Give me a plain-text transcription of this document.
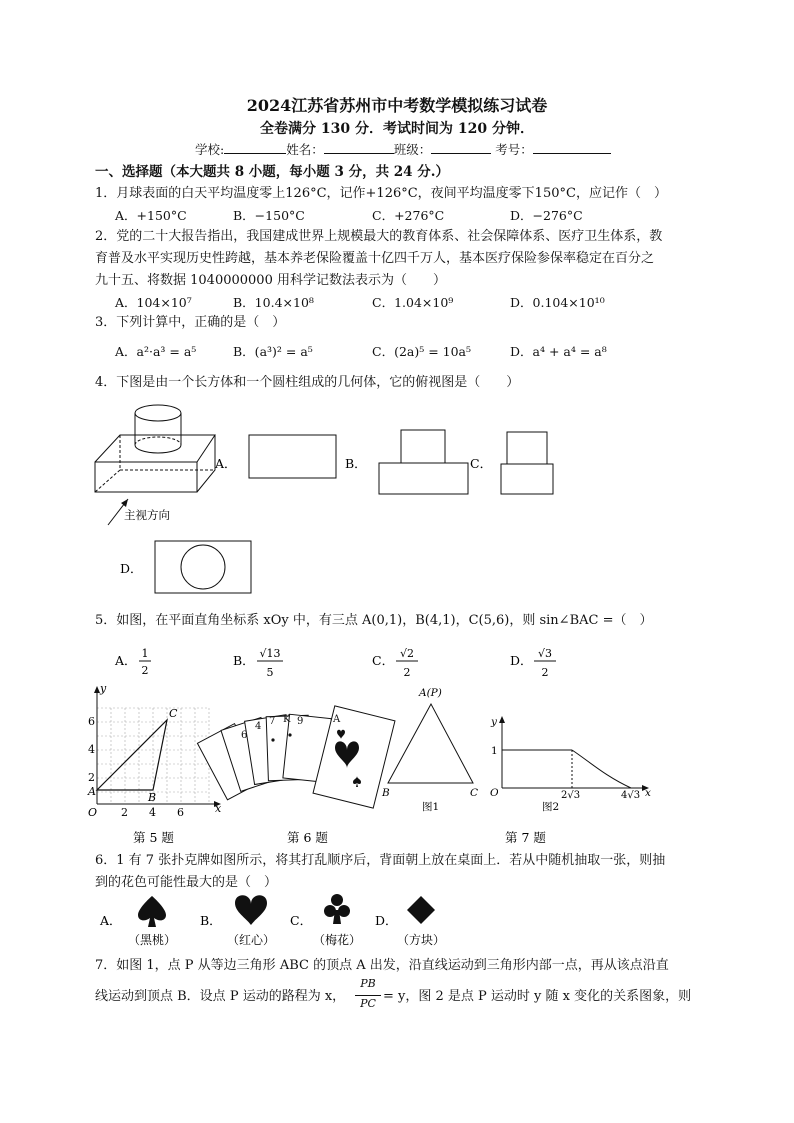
2024江苏省苏州市中考数学模拟练习试卷
全卷满分 130 分．考试时间为 120 分钟．
学校:	姓名：	班级：	考号：
一、选择题（本大题共 8 小题，每小题 3 分，共 24 分.）
1．月球表面的白天平均温度零上126°C，记作+126°C，夜间平均温度零下150°C，应记作（　）
A．+150°C	B．−150°C	C．+276°C	D．−276°C
2．党的二十大报告指出，我国建成世界上规模最大的教育体系、社会保障体系、医疗卫生体系，教
育普及水平实现历史性跨越，基本养老保险覆盖十亿四千万人，基本医疗保险参保率稳定在百分之
九十五、将数据 1040000000 用科学记数法表示为（　　）
A．104×10⁷	B．10.4×10⁸	C．1.04×10⁹	D．0.104×10¹⁰
3．下列计算中，正确的是（　）
A．a²·a³ = a⁵	B．(a³)² = a⁵	C．(2a)⁵ = 10a⁵	D．a⁴ + a⁴ = a⁸
4．下图是由一个长方体和一个圆柱组成的几何体，它的俯视图是（　　）
主视方向
A．	B．	C．
D．
5．如图，在平面直角坐标系 xOy 中，有三点 A(0,1)，B(4,1)，C(5,6)，则 sin∠BAC =（　）
A． 1
2
B． √13
5
C． √2
2
D． √3
2
y
x
O
2
4
6
2 4 6
A	B
C
第 5 题
6
4 7 K 9	A
第 6 题
A(P)
B	C
图1
y
x
O
1
2√3	4√3
图2
第 7 题
6．1 有 7 张扑克牌如图所示，将其打乱顺序后，背面朝上放在桌面上．若从中随机抽取一张，则抽
到的花色可能性最大的是（　）
A．
（黑桃）
B．
（红心）
C．
（梅花）
D．
（方块）
7．如图 1，点 P 从等边三角形 ABC 的顶点 A 出发，沿直线运动到三角形内部一点，再从该点沿直
线运动到顶点 B．设点 P 运动的路程为 x，
PB
PC = y，图 2 是点 P 运动时 y 随 x 变化的关系图象，则
